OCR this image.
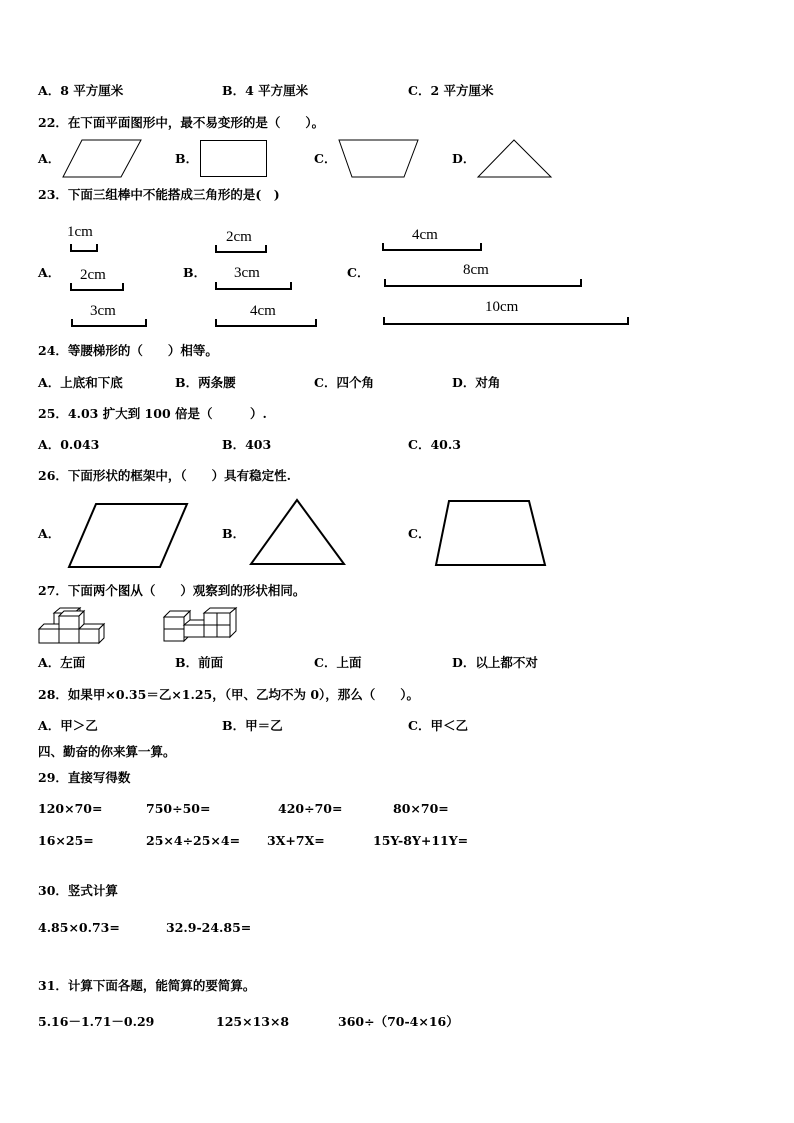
A．8 平方厘米	B．4 平方厘米	C．2 平方厘米
22．在下面平面图形中，最不易变形的是（　　）。
A．	B．	C．	D．
23．下面三组棒中不能搭成三角形的是(　)
A．	B．	C．
1cm
2cm
3cm
2cm
3cm
4cm
4cm
8cm
10cm
24．等腰梯形的（　　）相等。
A．上底和下底	B．两条腰	C．四个角	D．对角
25．4.03 扩大到 100 倍是（　　　）.
A．0.043	B．403	C．40.3
26．下面形状的框架中，（　　）具有稳定性.
A．	B．	C．
27．下面两个图从（　　）观察到的形状相同。
A．左面	B．前面	C．上面	D．以上都不对
28．如果甲×0.35＝乙×1.25，（甲、乙均不为 0），那么（　　）。
A．甲＞乙	B．甲＝乙	C．甲＜乙
四、勤奋的你来算一算。
29．直接写得数
120×70=	750÷50=	420÷70=	80×70=
16×25=	25×4÷25×4= 3X+7X=	15Y-8Y+11Y=
30．竖式计算
4.85×0.73=	32.9-24.85=
31．计算下面各题，能简算的要简算。
5.16－1.71－0.29	125×13×8	360÷（70-4×16）
